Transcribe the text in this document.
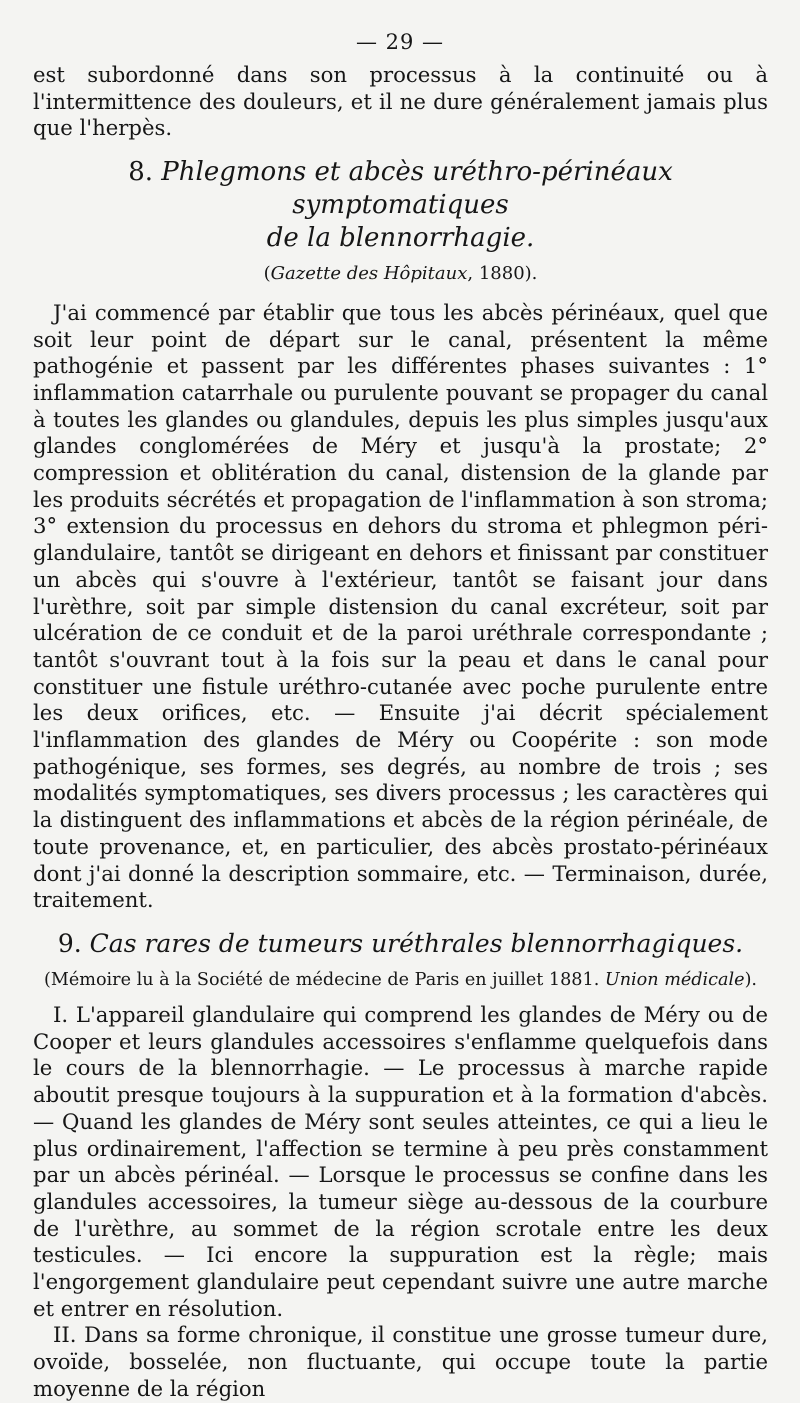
— 29 —

est subordonné dans son processus à la continuité ou à l'intermittence des douleurs, et il ne dure généralement jamais plus que l'herpès.

8. Phlegmons et abcès uréthro-périnéaux symptomatiques
de la blennorrhagie.
(Gazette des Hôpitaux, 1880).

J'ai commencé par établir que tous les abcès périnéaux, quel que soit leur point de départ sur le canal, présentent la même pathogénie et passent par les différentes phases suivantes : 1° inflammation catarrhale ou purulente pouvant se propager du canal à toutes les glandes ou glandules, depuis les plus simples jusqu'aux glandes conglomérées de Méry et jusqu'à la prostate; 2° compression et oblitération du canal, distension de la glande par les produits sécrétés et propagation de l'inflammation à son stroma; 3° extension du processus en dehors du stroma et phlegmon péri-glandulaire, tantôt se dirigeant en dehors et finissant par constituer un abcès qui s'ouvre à l'extérieur, tantôt se faisant jour dans l'urèthre, soit par simple distension du canal excréteur, soit par ulcération de ce conduit et de la paroi uréthrale correspondante ; tantôt s'ouvrant tout à la fois sur la peau et dans le canal pour constituer une fistule uréthro-cutanée avec poche purulente entre les deux orifices, etc. — Ensuite j'ai décrit spécialement l'inflammation des glandes de Méry ou Coopérite : son mode pathogénique, ses formes, ses degrés, au nombre de trois ; ses modalités symptomatiques, ses divers processus ; les caractères qui la distinguent des inflammations et abcès de la région périnéale, de toute provenance, et, en particulier, des abcès prostato-périnéaux dont j'ai donné la description sommaire, etc. — Terminaison, durée, traitement.

9. Cas rares de tumeurs uréthrales blennorrhagiques.
(Mémoire lu à la Société de médecine de Paris en juillet 1881. Union médicale).

I. L'appareil glandulaire qui comprend les glandes de Méry ou de Cooper et leurs glandules accessoires s'enflamme quelquefois dans le cours de la blennorrhagie. — Le processus à marche rapide aboutit presque toujours à la suppuration et à la formation d'abcès. — Quand les glandes de Méry sont seules atteintes, ce qui a lieu le plus ordinairement, l'affection se termine à peu près constamment par un abcès périnéal. — Lorsque le processus se confine dans les glandules accessoires, la tumeur siège au-dessous de la courbure de l'urèthre, au sommet de la région scrotale entre les deux testicules. — Ici encore la suppuration est la règle; mais l'engorgement glandulaire peut cependant suivre une autre marche et entrer en résolution.

II. Dans sa forme chronique, il constitue une grosse tumeur dure, ovoïde, bosselée, non fluctuante, qui occupe toute la partie moyenne de la région
